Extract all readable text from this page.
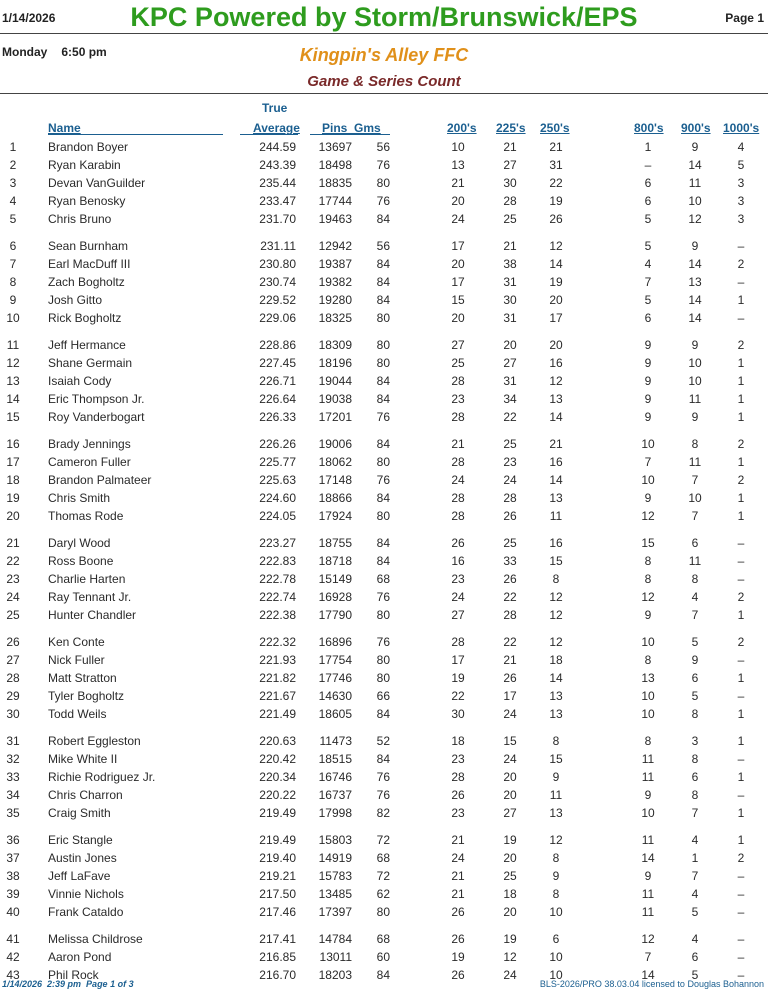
1/14/2026	KPC Powered by Storm/Brunswick/EPS	Page 1
Monday 6:50 pm	Kingpin's Alley FFC
Game & Series Count
True
Name	Average Pins  Gms	200's 225's 250's	800's 900's 1000's
1	Brandon Boyer	244.59	13697	56	10	21	21	1	9	4
2	Ryan Karabin	243.39	18498	76	13	27	31	–	14	5
3	Devan VanGuilder	235.44	18835	80	21	30	22	6	11	3
4	Ryan Benosky	233.47	17744	76	20	28	19	6	10	3
5	Chris Bruno	231.70	19463	84	24	25	26	5	12	3
6	Sean Burnham	231.11	12942	56	17	21	12	5	9	–
7	Earl MacDuff III	230.80	19387	84	20	38	14	4	14	2
8	Zach Bogholtz	230.74	19382	84	17	31	19	7	13	–
9	Josh Gitto	229.52	19280	84	15	30	20	5	14	1
10	Rick Bogholtz	229.06	18325	80	20	31	17	6	14	–
11	Jeff Hermance	228.86	18309	80	27	20	20	9	9	2
12	Shane Germain	227.45	18196	80	25	27	16	9	10	1
13	Isaiah Cody	226.71	19044	84	28	31	12	9	10	1
14	Eric Thompson Jr.	226.64	19038	84	23	34	13	9	11	1
15	Roy Vanderbogart	226.33	17201	76	28	22	14	9	9	1
16	Brady Jennings	226.26	19006	84	21	25	21	10	8	2
17	Cameron Fuller	225.77	18062	80	28	23	16	7	11	1
18	Brandon Palmateer	225.63	17148	76	24	24	14	10	7	2
19	Chris Smith	224.60	18866	84	28	28	13	9	10	1
20	Thomas Rode	224.05	17924	80	28	26	11	12	7	1
21	Daryl Wood	223.27	18755	84	26	25	16	15	6	–
22	Ross Boone	222.83	18718	84	16	33	15	8	11	–
23	Charlie Harten	222.78	15149	68	23	26	8	8	8	–
24	Ray Tennant Jr.	222.74	16928	76	24	22	12	12	4	2
25	Hunter Chandler	222.38	17790	80	27	28	12	9	7	1
26	Ken Conte	222.32	16896	76	28	22	12	10	5	2
27	Nick Fuller	221.93	17754	80	17	21	18	8	9	–
28	Matt Stratton	221.82	17746	80	19	26	14	13	6	1
29	Tyler Bogholtz	221.67	14630	66	22	17	13	10	5	–
30	Todd Weils	221.49	18605	84	30	24	13	10	8	1
31	Robert Eggleston	220.63	11473	52	18	15	8	8	3	1
32	Mike White II	220.42	18515	84	23	24	15	11	8	–
33	Richie Rodriguez Jr.	220.34	16746	76	28	20	9	11	6	1
34	Chris Charron	220.22	16737	76	26	20	11	9	8	–
35	Craig Smith	219.49	17998	82	23	27	13	10	7	1
36	Eric Stangle	219.49	15803	72	21	19	12	11	4	1
37	Austin Jones	219.40	14919	68	24	20	8	14	1	2
38	Jeff LaFave	219.21	15783	72	21	25	9	9	7	–
39	Vinnie Nichols	217.50	13485	62	21	18	8	11	4	–
40	Frank Cataldo	217.46	17397	80	26	20	10	11	5	–
41	Melissa Childrose	217.41	14784	68	26	19	6	12	4	–
42	Aaron Pond	216.85	13011	60	19	12	10	7	6	–
43	Phil Rock	216.70	18203	84	26	24	10	14	5	–
1/14/2026  2:39 pm  Page 1 of 3	BLS-2026/PRO 38.03.04 licensed to Douglas Bohannon
